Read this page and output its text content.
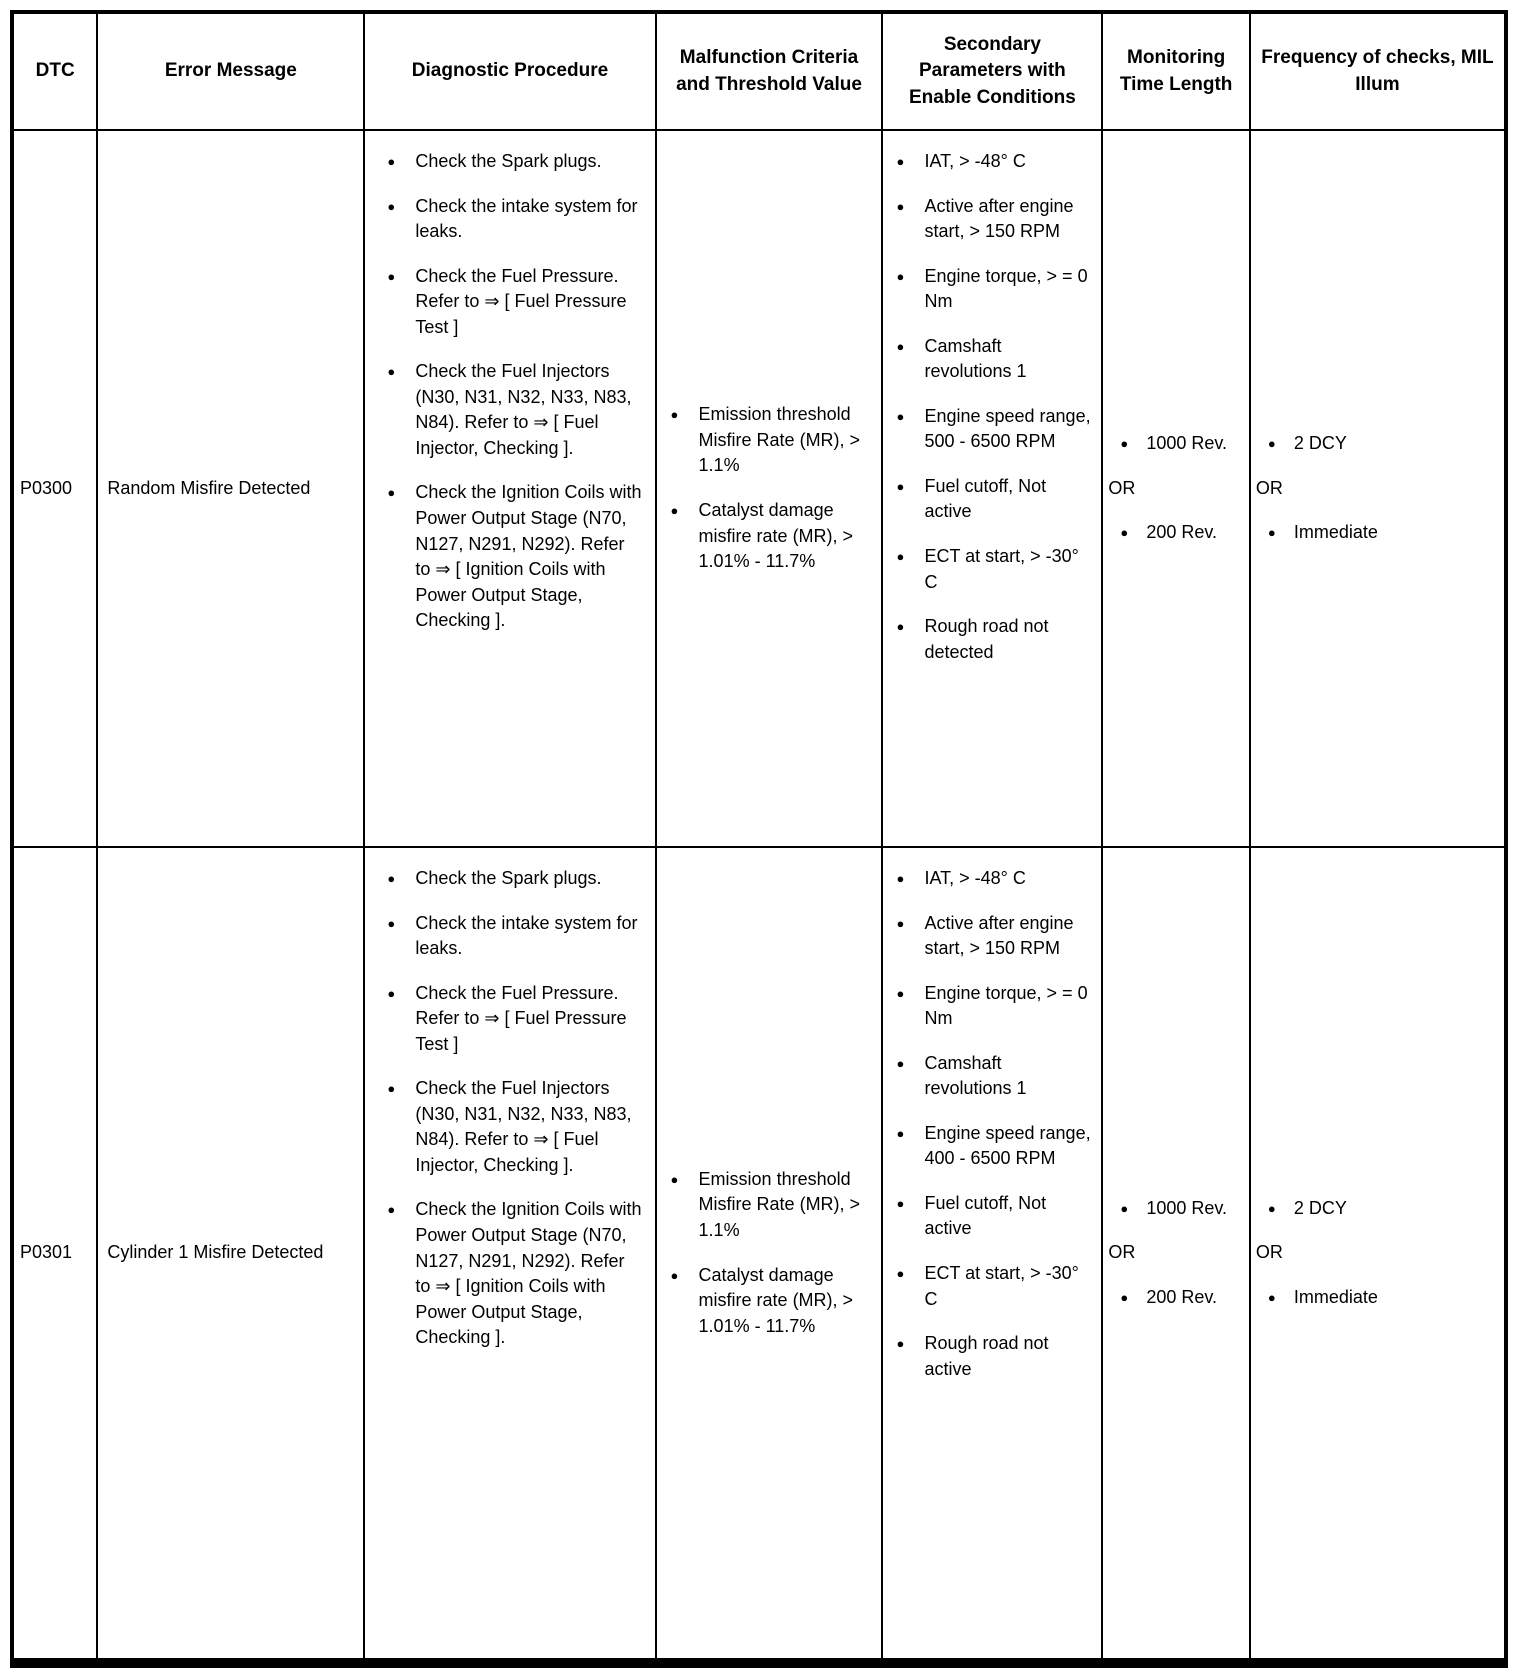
DTC	Error Message	Diagnostic Procedure	Malfunction Criteria and Threshold Value	Secondary Parameters with Enable Conditions	Monitoring Time Length	Frequency of checks, MIL Illum
P0300	Random Misfire Detected	
●	Check the Spark plugs.
●	Check the intake system for leaks.
●	Check the Fuel Pressure. Refer to ⇒ [ Fuel Pressure Test ]
●	Check the Fuel Injectors (N30, N31, N32, N33, N83, N84). Refer to ⇒ [ Fuel Injector, Checking ].
●	Check the Ignition Coils with Power Output Stage (N70, N127, N291, N292). Refer to ⇒ [ Ignition Coils with Power Output Stage, Checking ].

●	Emission threshold Misfire Rate (MR), > 1.1%
●	Catalyst damage misfire rate (MR), > 1.01% - 11.7%

●	IAT, > -48° C
●	Active after engine start, > 150 RPM
●	Engine torque, > = 0 Nm
●	Camshaft revolutions 1
●	Engine speed range, 500 - 6500 RPM
●	Fuel cutoff, Not active
●	ECT at start, > -30° C
●	Rough road not detected

●	1000 Rev.
OR
●	200 Rev.

●	2 DCY
OR
●	Immediate

P0301	Cylinder 1 Misfire Detected	
●	Check the Spark plugs.
●	Check the intake system for leaks.
●	Check the Fuel Pressure. Refer to ⇒ [ Fuel Pressure Test ]
●	Check the Fuel Injectors (N30, N31, N32, N33, N83, N84). Refer to ⇒ [ Fuel Injector, Checking ].
●	Check the Ignition Coils with Power Output Stage (N70, N127, N291, N292). Refer to ⇒ [ Ignition Coils with Power Output Stage, Checking ].

●	Emission threshold Misfire Rate (MR), > 1.1%
●	Catalyst damage misfire rate (MR), > 1.01% - 11.7%

●	IAT, > -48° C
●	Active after engine start, > 150 RPM
●	Engine torque, > = 0 Nm
●	Camshaft revolutions 1
●	Engine speed range, 400 - 6500 RPM
●	Fuel cutoff, Not active
●	ECT at start, > -30° C
●	Rough road not active

●	1000 Rev.
OR
●	200 Rev.

●	2 DCY
OR
●	Immediate
